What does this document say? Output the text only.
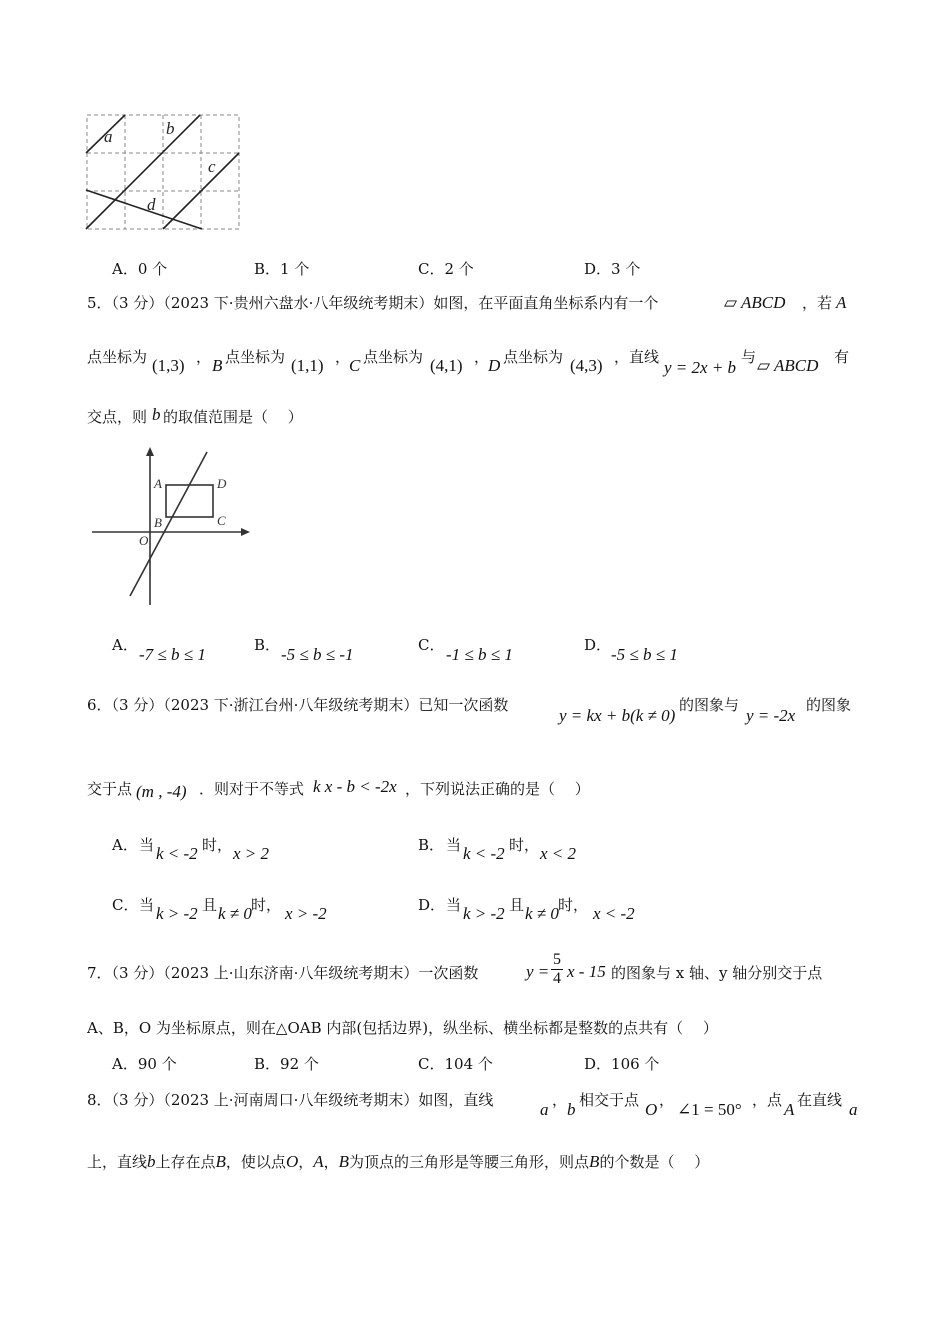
a	b
c
d
A．0 个	B．1 个	C．2 个	D．3 个
5．（3 分）（2023 下·贵州六盘水·八年级统考期末）如图，在平面直角坐标系内有一个	▱ ABCD ，若 A
点坐标为 (1,3) ， B 点坐标为 (1,1) ，
C 点坐标为 (4,1) ，
D 点坐标为 (4,3) ，直线
y = 2x + b
与 ▱ ABCD 有
交点，则 b 的取值范围是（　 ）
A	D
B	C
O
A． -7 ≤ b ≤ 1	B． -5 ≤ b ≤ -1	C． -1 ≤ b ≤ 1	D． -5 ≤ b ≤ 1
6．（3 分）（2023 下·浙江台州·八年级统考期末）已知一次函数
y = kx + b(k ≠ 0)
的图象与
y = -2x
的图象
交于点 (m , -4) ．则对于不等式 k x - b < -2x ，下列说法正确的是（　 ）
A． 当 k < -2 时， x > 2	B． 当 k < -2 时， x < 2
C． 当 k > -2 且 k ≠ 0 时， x > -2	D． 当 k > -2 且 k ≠ 0 时， x < -2
7．（3 分）（2023 上·山东济南·八年级统考期末）一次函数	$y = \frac{5}{4}$ x - 15 的图象与 x 轴、y 轴分别交于点
A、B，O 为坐标原点，则在△OAB 内部(包括边界)，纵坐标、横坐标都是整数的点共有（　 ）
A．90 个	B．92 个	C．104 个	D．106 个
8．（3 分）（2023 上·河南周口·八年级统考期末）如图，直线	a ， b 相交于点 O ， ∠1 = 50° ，点 A 在直线 a
上，直线b上存在点B，使以点O，A，B为顶点的三角形是等腰三角形，则点B的个数是（　 ）
